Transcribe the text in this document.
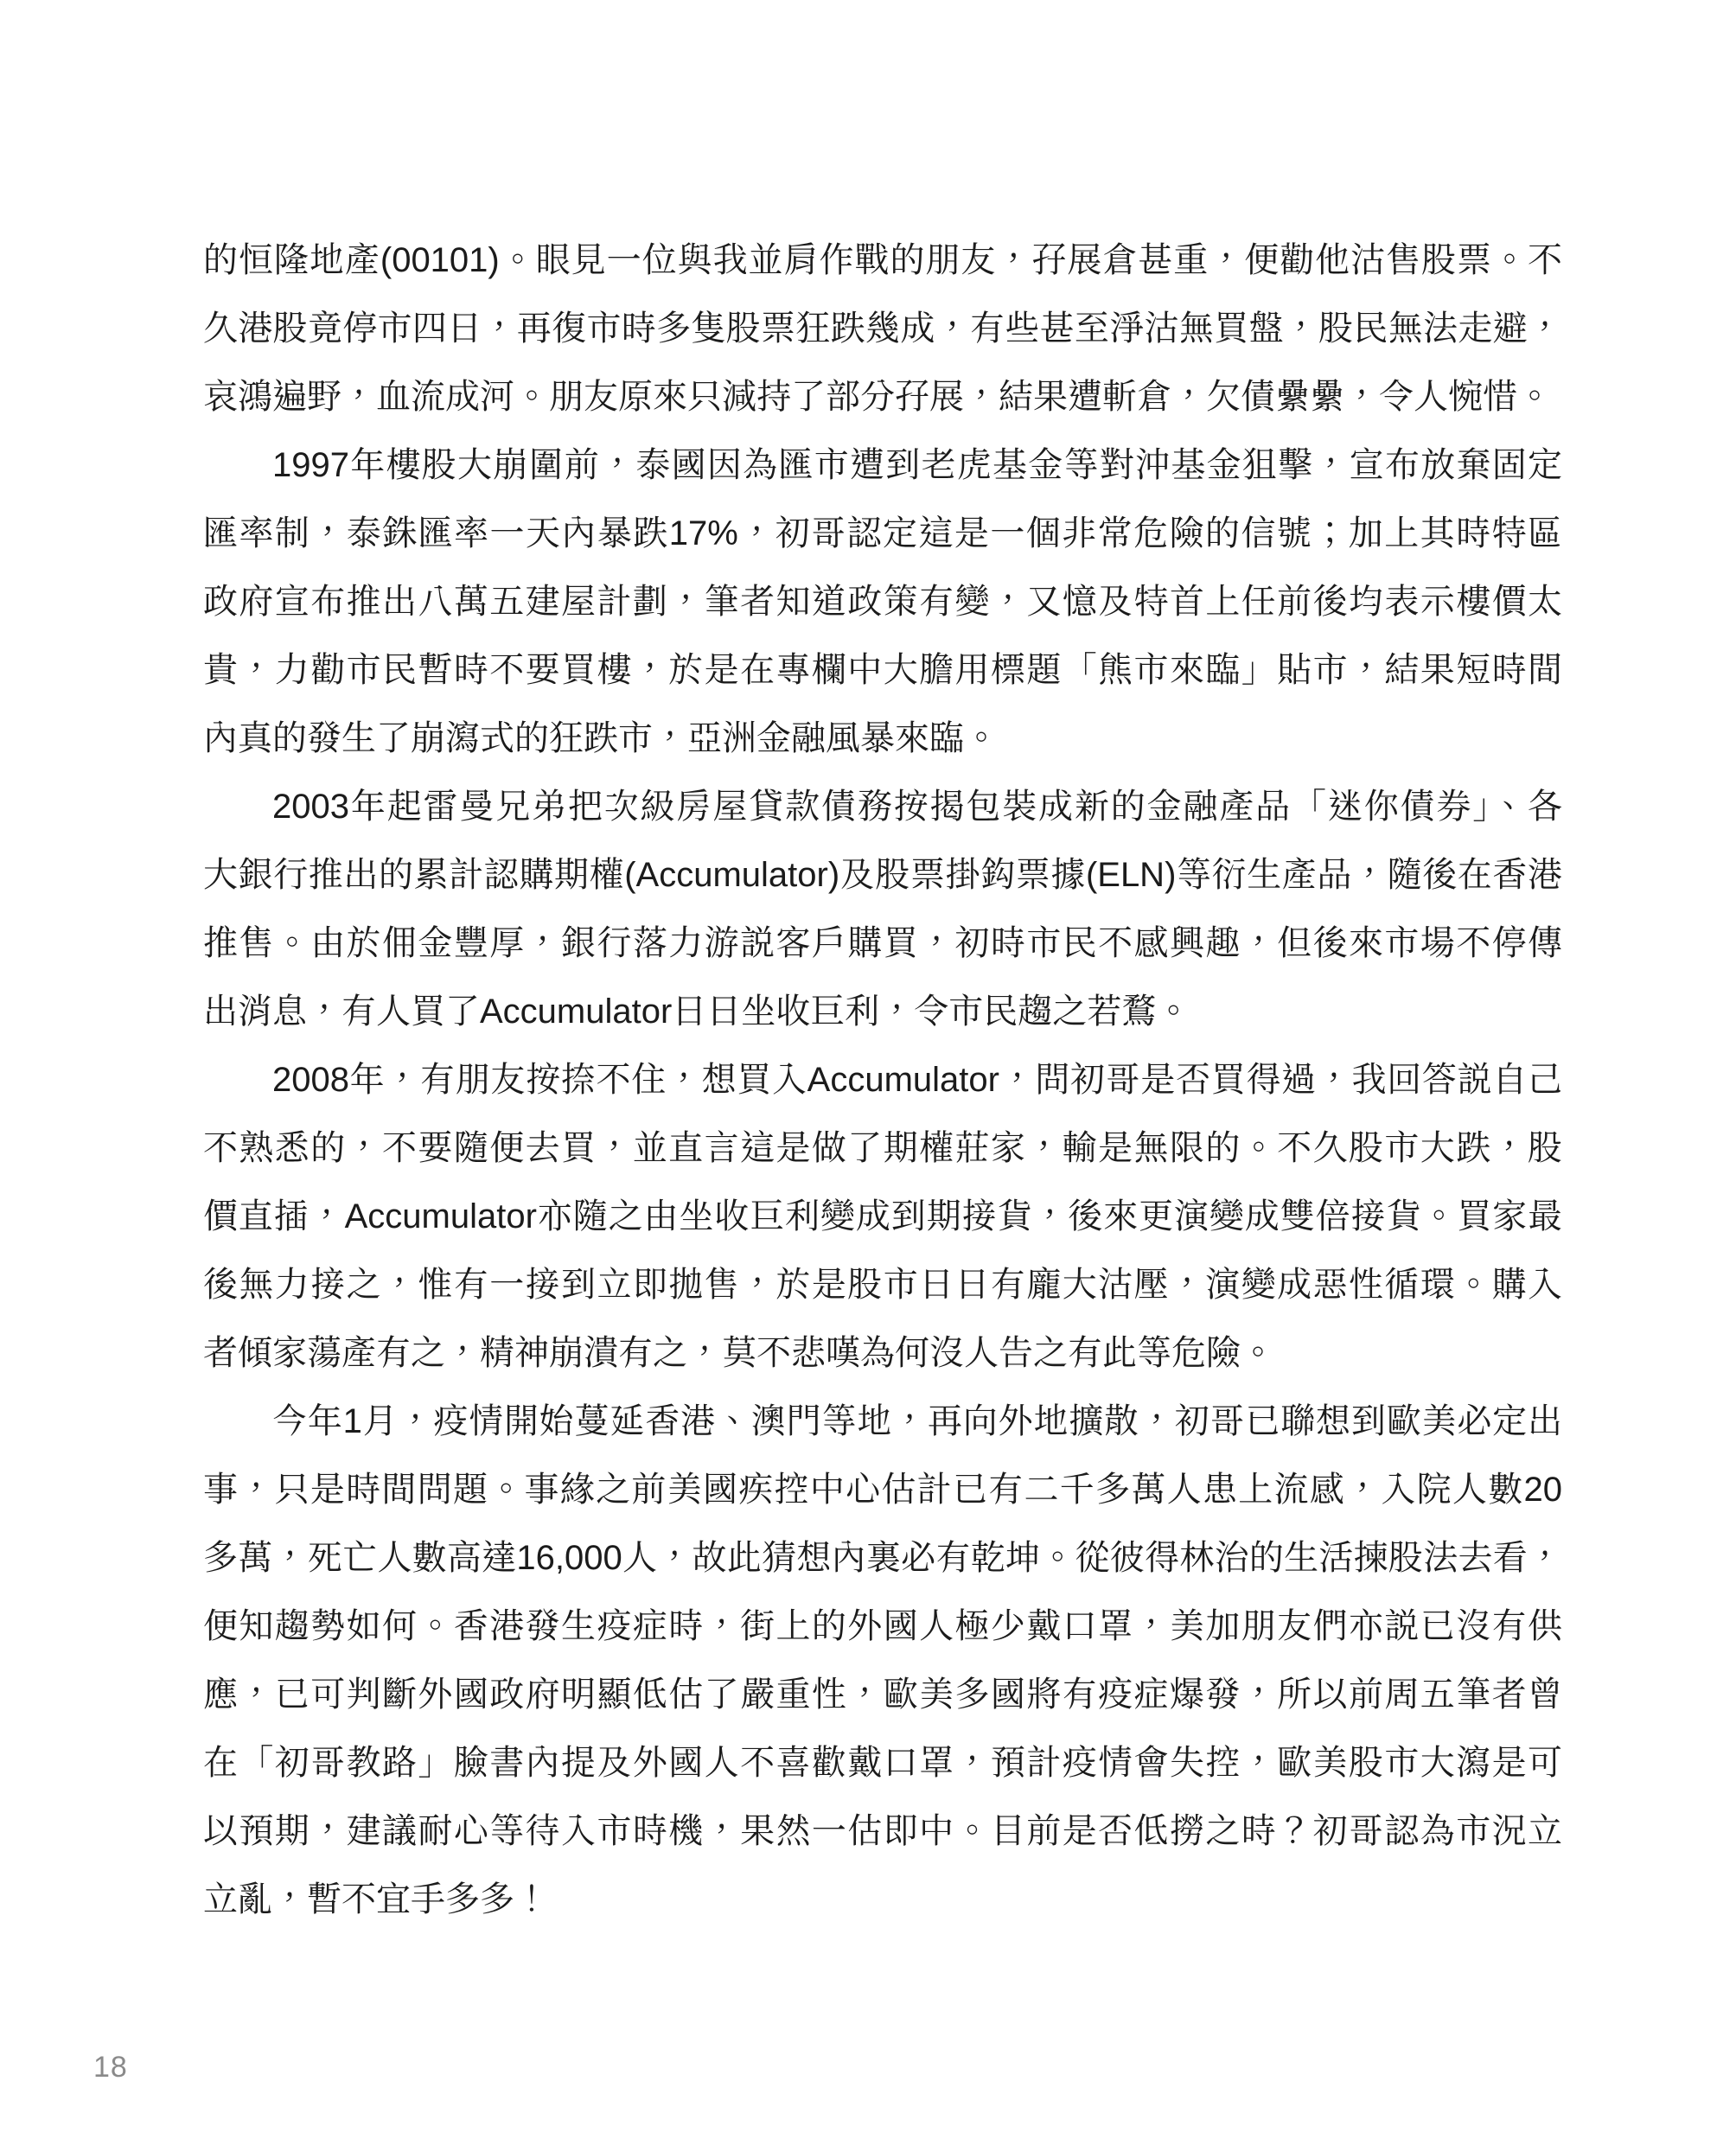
的恒隆地產(00101)。眼見一位與我並肩作戰的朋友，孖展倉甚重，便勸他沽售股票。不
久港股竟停市四日，再復市時多隻股票狂跌幾成，有些甚至淨沽無買盤，股民無法走避，
哀鴻遍野，血流成河。朋友原來只減持了部分孖展，結果遭斬倉，欠債纍纍，令人惋惜。
1997年樓股大崩圍前，泰國因為匯市遭到老虎基金等對沖基金狙擊，宣布放棄固定
匯率制，泰銖匯率一天內暴跌17%，初哥認定這是一個非常危險的信號；加上其時特區
政府宣布推出八萬五建屋計劃，筆者知道政策有變，又憶及特首上任前後均表示樓價太
貴，力勸市民暫時不要買樓，於是在專欄中大膽用標題「熊市來臨」貼市，結果短時間
內真的發生了崩瀉式的狂跌市，亞洲金融風暴來臨。
2003年起雷曼兄弟把次級房屋貸款債務按揭包裝成新的金融產品「迷你債券」、各
大銀行推出的累計認購期權(Accumulator)及股票掛鈎票據(ELN)等衍生產品，隨後在香港
推售。由於佣金豐厚，銀行落力游説客戶購買，初時市民不感興趣，但後來市場不停傳
出消息，有人買了Accumulator日日坐收巨利，令市民趨之若鶩。
2008年，有朋友按捺不住，想買入Accumulator，問初哥是否買得過，我回答説自己
不熟悉的，不要隨便去買，並直言這是做了期權莊家，輸是無限的。不久股市大跌，股
價直插，Accumulator亦隨之由坐收巨利變成到期接貨，後來更演變成雙倍接貨。買家最
後無力接之，惟有一接到立即拋售，於是股市日日有龐大沽壓，演變成惡性循環。購入
者傾家蕩產有之，精神崩潰有之，莫不悲嘆為何沒人告之有此等危險。
今年1月，疫情開始蔓延香港、澳門等地，再向外地擴散，初哥已聯想到歐美必定出
事，只是時間問題。事緣之前美國疾控中心估計已有二千多萬人患上流感，入院人數20
多萬，死亡人數高達16,000人，故此猜想內裏必有乾坤。從彼得林治的生活揀股法去看，
便知趨勢如何。香港發生疫症時，街上的外國人極少戴口罩，美加朋友們亦説已沒有供
應，已可判斷外國政府明顯低估了嚴重性，歐美多國將有疫症爆發，所以前周五筆者曾
在「初哥教路」臉書內提及外國人不喜歡戴口罩，預計疫情會失控，歐美股市大瀉是可
以預期，建議耐心等待入市時機，果然一估即中。目前是否低撈之時？初哥認為市況立
立亂，暫不宜手多多！
18
